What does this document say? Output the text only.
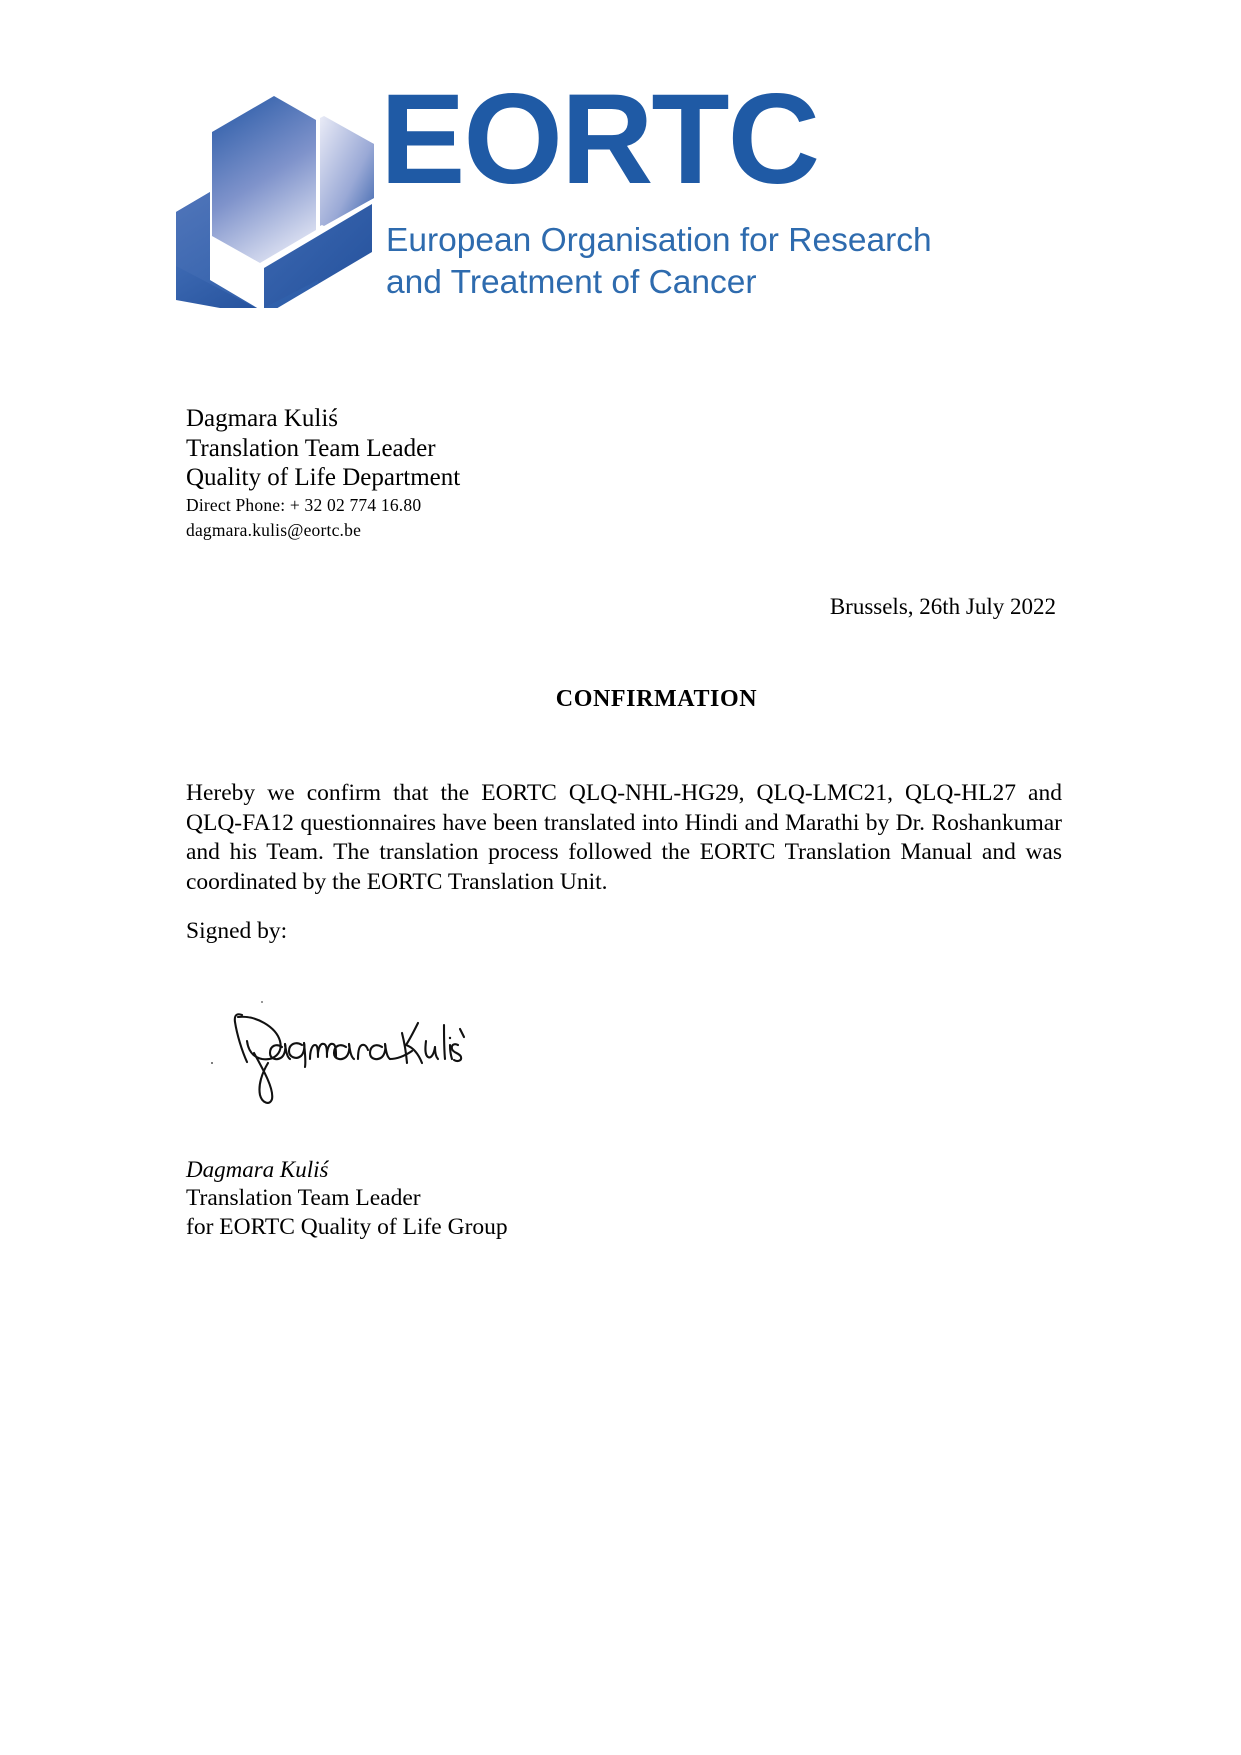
EORTC
European Organisation for Research
and Treatment of Cancer
Dagmara Kuliś
Translation Team Leader
Quality of Life Department
Direct Phone: + 32 02 774 16.80
dagmara.kulis@eortc.be
Brussels, 26th July 2022
CONFIRMATION
Hereby we confirm that the EORTC QLQ-NHL-HG29, QLQ-LMC21, QLQ-HL27 and QLQ-FA12 questionnaires have been translated into Hindi and Marathi by Dr. Roshankumar and his Team. The translation process followed the EORTC Translation Manual and was coordinated by the EORTC Translation Unit.
Signed by:
Dagmara Kuliś
Translation Team Leader
for EORTC Quality of Life Group
